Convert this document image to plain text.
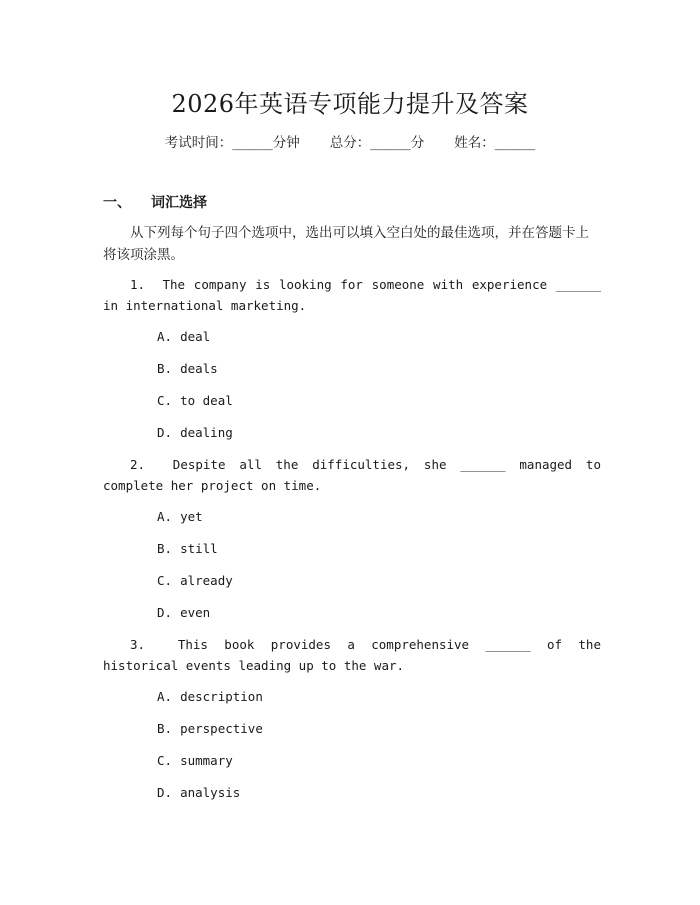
2026年英语专项能力提升及答案
考试时间：______分钟 总分：______分 姓名：______
一、 词汇选择
从下列每个句子四个选项中，选出可以填入空白处的最佳选项，并在答题卡上将该项涂黑。
1. The company is looking for someone with experience ______ in international marketing.
A. deal
B. deals
C. to deal
D. dealing
2. Despite all the difficulties, she ______ managed to complete her project on time.
A. yet
B. still
C. already
D. even
3.	This book provides a comprehensive ______ of the historical events leading up to the war.
A. description
B. perspective
C. summary
D. analysis
